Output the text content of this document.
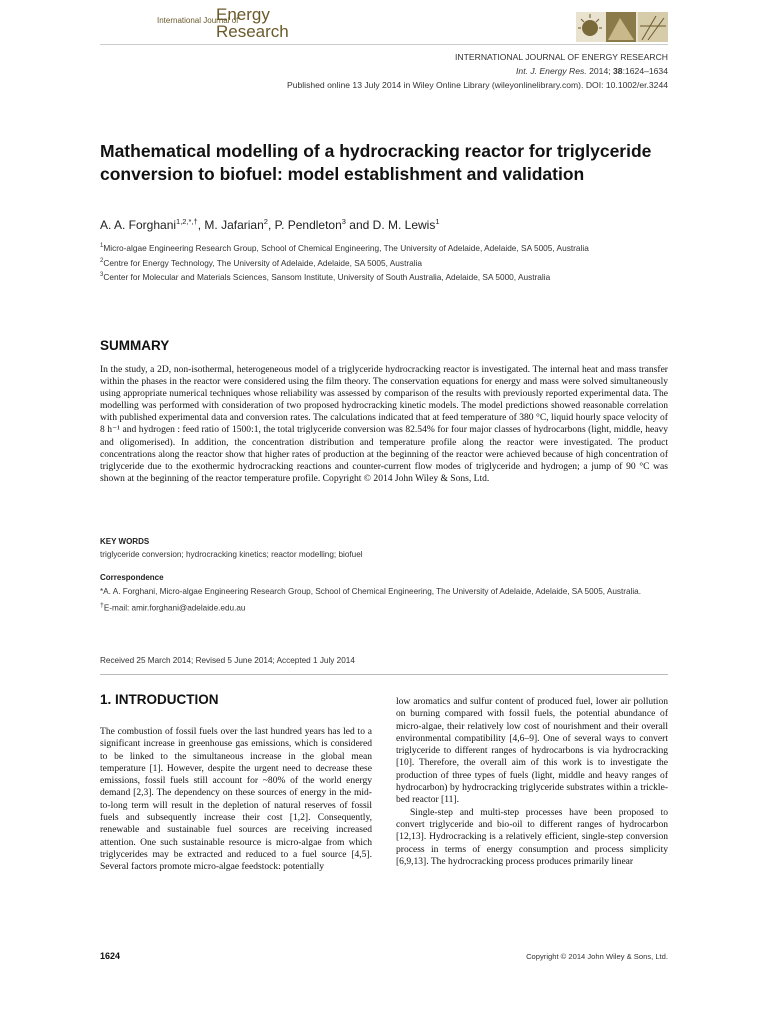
International Journal of
Energy
Research
INTERNATIONAL JOURNAL OF ENERGY RESEARCH
Int. J. Energy Res. 2014; 38:1624–1634
Published online 13 July 2014 in Wiley Online Library (wileyonlinelibrary.com). DOI: 10.1002/er.3244
Mathematical modelling of a hydrocracking reactor for triglyceride conversion to biofuel: model establishment and validation
A. A. Forghani$^{1,2,*,\dagger}$, M. Jafarian$^2$, P. Pendleton$^3$ and D. M. Lewis$^1$
$^1$Micro-algae Engineering Research Group, School of Chemical Engineering, The University of Adelaide, Adelaide, SA 5005, Australia
$^2$Centre for Energy Technology, The University of Adelaide, Adelaide, SA 5005, Australia
$^3$Center for Molecular and Materials Sciences, Sansom Institute, University of South Australia, Adelaide, SA 5000, Australia
SUMMARY
In the study, a 2D, non-isothermal, heterogeneous model of a triglyceride hydrocracking reactor is investigated. The internal heat and mass transfer within the phases in the reactor were considered using the film theory. The conservation equations for energy and mass were solved simultaneously using appropriate numerical techniques whose reliability was assessed by comparison of the results with previously reported experimental data. The modelling was performed with consideration of two proposed hydrocracking kinetic models. The model predictions showed reasonable correlation with published experimental data and conversion rates. The calculations indicated that at feed temperature of 380 °C, liquid hourly space velocity of 8 h⁻¹ and hydrogen : feed ratio of 1500:1, the total triglyceride conversion was 82.54% for four major classes of hydrocarbons (light, middle, heavy and oligomerised). In addition, the concentration distribution and temperature profile along the reactor were investigated. The product concentrations along the reactor show that higher rates of production at the beginning of the reactor were achieved because of high concentration of triglyceride due to the exothermic hydrocracking reactions and counter-current flow modes of triglyceride and hydrogen; a jump of 90 °C was shown at the beginning of the reactor temperature profile. Copyright © 2014 John Wiley & Sons, Ltd.
KEY WORDS
triglyceride conversion; hydrocracking kinetics; reactor modelling; biofuel
Correspondence
*A. A. Forghani, Micro-algae Engineering Research Group, School of Chemical Engineering, The University of Adelaide, Adelaide, SA 5005, Australia.
†E-mail: amir.forghani@adelaide.edu.au
Received 25 March 2014; Revised 5 June 2014; Accepted 1 July 2014
1. INTRODUCTION

The combustion of fossil fuels over the last hundred years has led to a significant increase in greenhouse gas emissions, which is considered to be linked to the simultaneous increase in the global mean temperature [1]. However, despite the urgent need to decrease these emissions, fossil fuels still account for ~80% of the world energy demand [2,3]. The dependency on these sources of energy in the mid-to-long term will result in the depletion of natural reserves of fossil fuels and subsequently increase their cost [1,2]. Consequently, renewable and sustainable fuel sources are receiving increased attention. One such sustainable resource is micro-algae from which triglycerides may be extracted and reduced to a fuel source [4,5]. Several factors promote micro-algae feedstock: potentially

low aromatics and sulfur content of produced fuel, lower air pollution on burning compared with fossil fuels, the potential abundance of micro-algae, their relatively low cost of nourishment and their overall environmental compatibility [4,6–9]. One of several ways to convert triglyceride to different ranges of hydrocarbons is via hydrocracking [10]. Therefore, the overall aim of this work is to investigate the production of three types of fuels (light, middle and heavy ranges of hydrocarbon) by hydrocracking triglyceride substrates within a trickle-bed reactor [11].

Single-step and multi-step processes have been proposed to convert triglyceride and bio-oil to different ranges of hydrocarbon [12,13]. Hydrocracking is a relatively efficient, single-step conversion process in terms of energy consumption and process simplicity [6,9,13]. The hydrocracking process produces primarily linear

1624	Copyright © 2014 John Wiley & Sons, Ltd.
